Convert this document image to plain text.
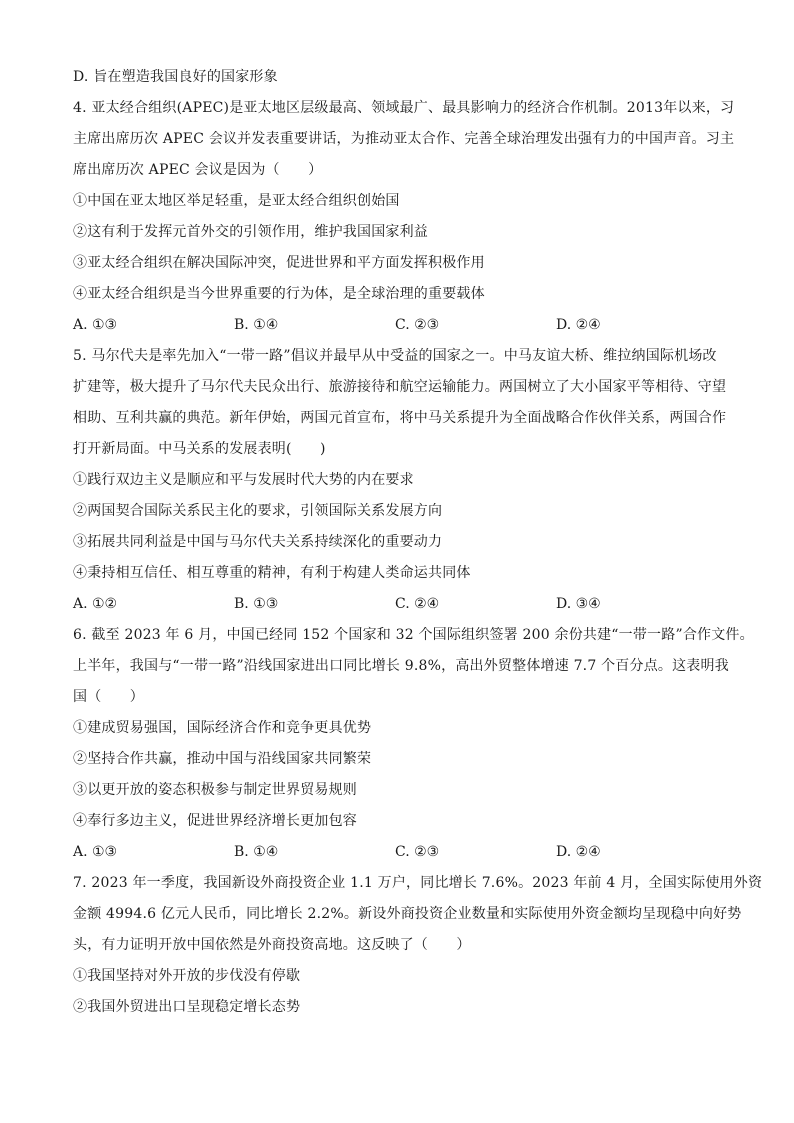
D. 旨在塑造我国良好的国家形象
4. 亚太经合组织(APEC)是亚太地区层级最高、领域最广、最具影响力的经济合作机制。2013年以来，习
主席出席历次 APEC 会议并发表重要讲话，为推动亚太合作、完善全球治理发出强有力的中国声音。习主
席出席历次 APEC 会议是因为（　　）
①中国在亚太地区举足轻重，是亚太经合组织创始国
②这有利于发挥元首外交的引领作用，维护我国国家利益
③亚太经合组织在解决国际冲突，促进世界和平方面发挥积极作用
④亚太经合组织是当今世界重要的行为体，是全球治理的重要载体
A. ①③	B. ①④	C. ②③	D. ②④
5. 马尔代夫是率先加入“一带一路”倡议并最早从中受益的国家之一。中马友谊大桥、维拉纳国际机场改
扩建等，极大提升了马尔代夫民众出行、旅游接待和航空运输能力。两国树立了大小国家平等相待、守望
相助、互利共赢的典范。新年伊始，两国元首宣布，将中马关系提升为全面战略合作伙伴关系，两国合作
打开新局面。中马关系的发展表明(　　)
①践行双边主义是顺应和平与发展时代大势的内在要求
②两国契合国际关系民主化的要求，引领国际关系发展方向
③拓展共同利益是中国与马尔代夫关系持续深化的重要动力
④秉持相互信任、相互尊重的精神，有利于构建人类命运共同体
A. ①②	B. ①③	C. ②④	D. ③④
6. 截至 2023 年 6 月，中国已经同 152 个国家和 32 个国际组织签署 200 余份共建“一带一路”合作文件。
上半年，我国与“一带一路”沿线国家进出口同比增长 9.8%，高出外贸整体增速 7.7 个百分点。这表明我
国（　　）
①建成贸易强国，国际经济合作和竞争更具优势
②坚持合作共赢，推动中国与沿线国家共同繁荣
③以更开放的姿态积极参与制定世界贸易规则
④奉行多边主义，促进世界经济增长更加包容
A. ①③	B. ①④	C. ②③	D. ②④
7. 2023 年一季度，我国新设外商投资企业 1.1 万户，同比增长 7.6%。2023 年前 4 月，全国实际使用外资
金额 4994.6 亿元人民币，同比增长 2.2%。新设外商投资企业数量和实际使用外资金额均呈现稳中向好势
头，有力证明开放中国依然是外商投资高地。这反映了（　　）
①我国坚持对外开放的步伐没有停歇
②我国外贸进出口呈现稳定增长态势
